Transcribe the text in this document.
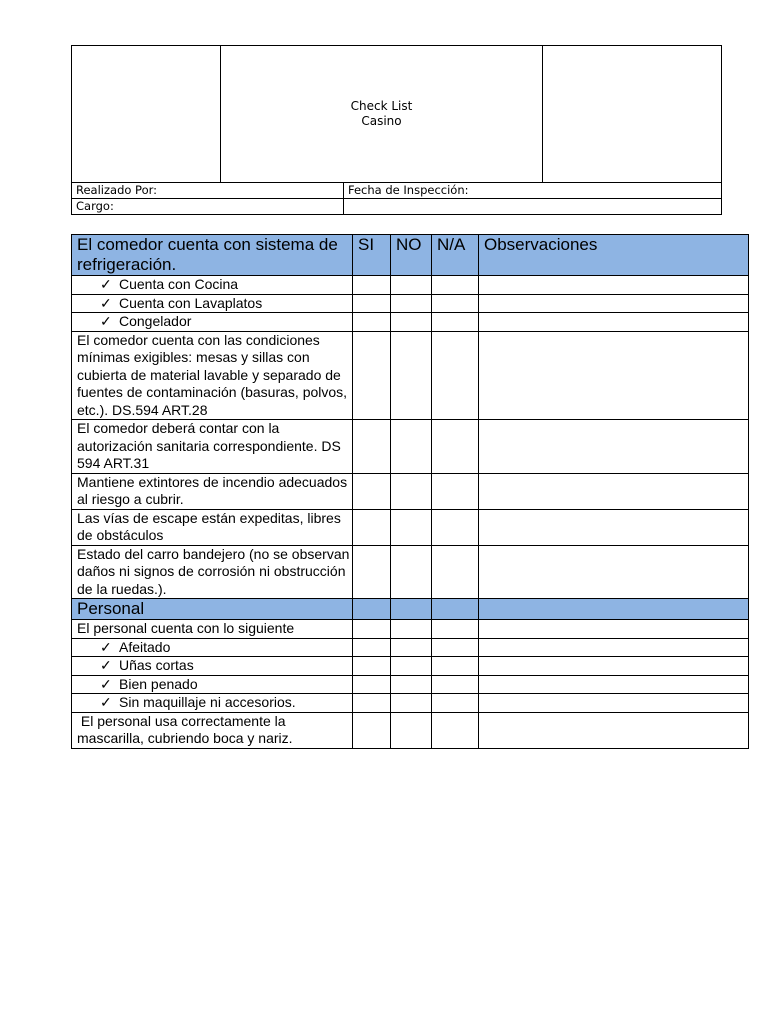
	Check List
Casino		

Realizado Por:		Fecha de Inspección:	
Cargo:			
El comedor cuenta con sistema de refrigeración.	SI	NO	N/A	Observaciones
✓ Cuenta con Cocina				
✓ Cuenta con Lavaplatos				
✓ Congelador				
El comedor cuenta con las condiciones mínimas exigibles: mesas y sillas con cubierta de material lavable y separado de fuentes de contaminación (basuras, polvos, etc.). DS.594 ART.28				
El comedor deberá contar con la autorización sanitaria correspondiente. DS 594 ART.31				
Mantiene extintores de incendio adecuados al riesgo a cubrir.				
Las vías de escape están expeditas, libres de obstáculos				
Estado del carro bandejero (no se observan daños ni signos de corrosión ni obstrucción de la ruedas.).				
Personal				
El personal cuenta con lo siguiente				
✓ Afeitado				
✓ Uñas cortas				
✓ Bien penado				
✓ Sin maquillaje ni accesorios.				
El personal usa correctamente la mascarilla, cubriendo boca y nariz.				
